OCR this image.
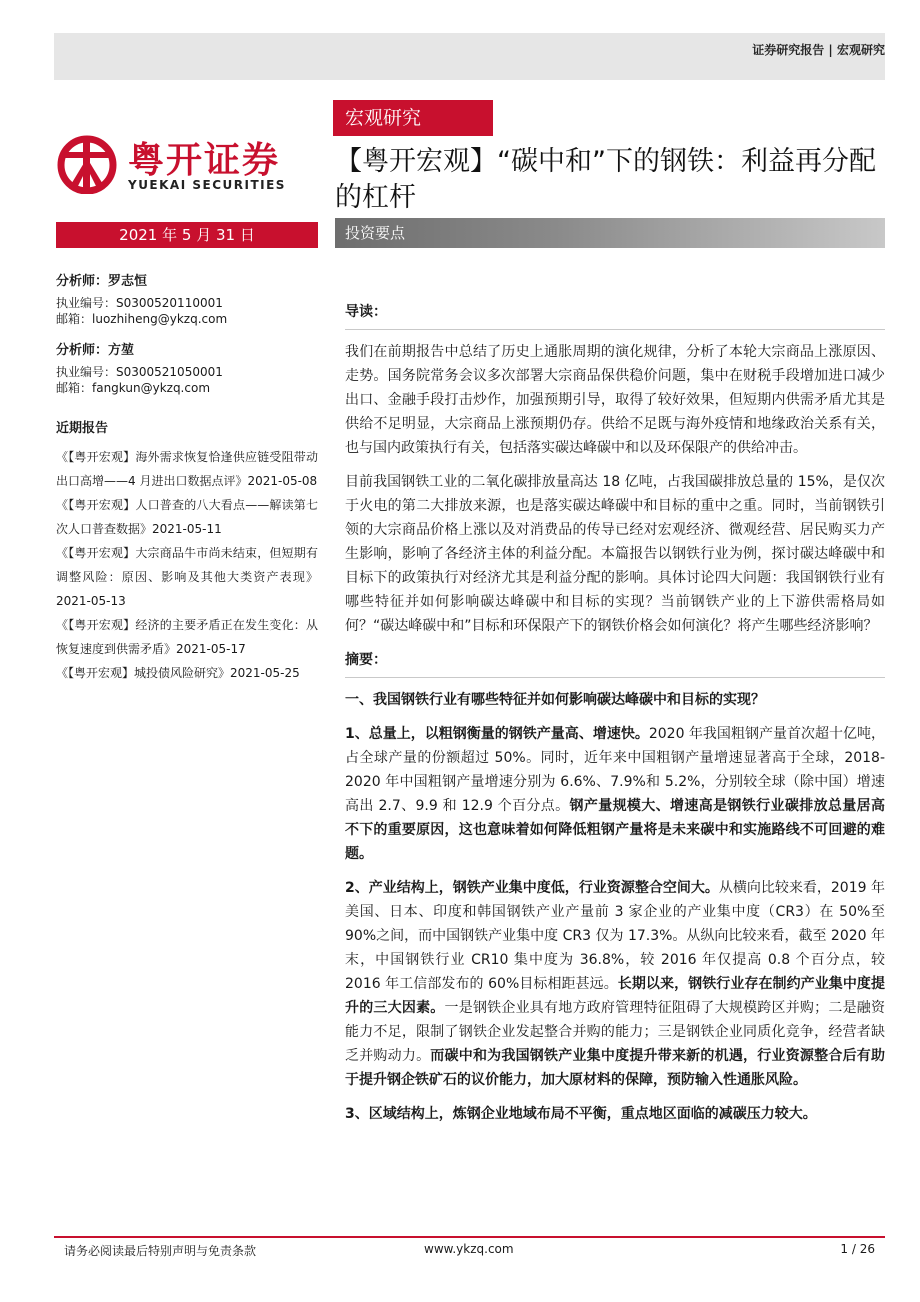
证券研究报告 | 宏观研究
粤开证券
YUEKAI SECURITIES
宏观研究
【粤开宏观】“碳中和”下的钢铁：利益再分配的杠杆
2021 年 5 月 31 日	投资要点
分析师：罗志恒
执业编号：S0300520110001
邮箱：luozhiheng@ykzq.com
分析师：方堃
执业编号：S0300521050001
邮箱：fangkun@ykzq.com
近期报告
《【粤开宏观】海外需求恢复恰逢供应链受阻带动出口高增——4 月进出口数据点评》2021-05-08
《【粤开宏观】人口普查的八大看点——解读第七次人口普查数据》2021-05-11
《【粤开宏观】大宗商品牛市尚未结束，但短期有调整风险：原因、影响及其他大类资产表现》2021-05-13
《【粤开宏观】经济的主要矛盾正在发生变化：从恢复速度到供需矛盾》2021-05-17
《【粤开宏观】城投债风险研究》2021-05-25
导读：

我们在前期报告中总结了历史上通胀周期的演化规律，分析了本轮大宗商品上涨原因、走势。国务院常务会议多次部署大宗商品保供稳价问题，集中在财税手段增加进口减少出口、金融手段打击炒作，加强预期引导，取得了较好效果，但短期内供需矛盾尤其是供给不足明显，大宗商品上涨预期仍存。供给不足既与海外疫情和地缘政治关系有关，也与国内政策执行有关，包括落实碳达峰碳中和以及环保限产的供给冲击。

目前我国钢铁工业的二氧化碳排放量高达 18 亿吨，占我国碳排放总量的 15%，是仅次于火电的第二大排放来源，也是落实碳达峰碳中和目标的重中之重。同时，当前钢铁引领的大宗商品价格上涨以及对消费品的传导已经对宏观经济、微观经营、居民购买力产生影响，影响了各经济主体的利益分配。本篇报告以钢铁行业为例，探讨碳达峰碳中和目标下的政策执行对经济尤其是利益分配的影响。具体讨论四大问题：我国钢铁行业有哪些特征并如何影响碳达峰碳中和目标的实现？当前钢铁产业的上下游供需格局如何？“碳达峰碳中和”目标和环保限产下的钢铁价格会如何演化？将产生哪些经济影响？

摘要：
一、我国钢铁行业有哪些特征并如何影响碳达峰碳中和目标的实现？

1、总量上，以粗钢衡量的钢铁产量高、增速快。2020 年我国粗钢产量首次超十亿吨，占全球产量的份额超过 50%。同时，近年来中国粗钢产量增速显著高于全球，2018-2020 年中国粗钢产量增速分别为 6.6%、7.9%和 5.2%，分别较全球（除中国）增速高出 2.7、9.9 和 12.9 个百分点。钢产量规模大、增速高是钢铁行业碳排放总量居高不下的重要原因，这也意味着如何降低粗钢产量将是未来碳中和实施路线不可回避的难题。

2、产业结构上，钢铁产业集中度低，行业资源整合空间大。从横向比较来看，2019 年美国、日本、印度和韩国钢铁产业产量前 3 家企业的产业集中度（CR3）在 50%至 90%之间，而中国钢铁产业集中度 CR3 仅为 17.3%。从纵向比较来看，截至 2020 年末，中国钢铁行业 CR10 集中度为 36.8%，较 2016 年仅提高 0.8 个百分点，较 2016 年工信部发布的 60%目标相距甚远。长期以来，钢铁行业存在制约产业集中度提升的三大因素。一是钢铁企业具有地方政府管理特征阻碍了大规模跨区并购；二是融资能力不足，限制了钢铁企业发起整合并购的能力；三是钢铁企业同质化竞争，经营者缺乏并购动力。而碳中和为我国钢铁产业集中度提升带来新的机遇，行业资源整合后有助于提升钢企铁矿石的议价能力，加大原材料的保障，预防输入性通胀风险。

3、区域结构上，炼钢企业地域布局不平衡，重点地区面临的减碳压力较大。

请务必阅读最后特别声明与免责条款	www.ykzq.com	1 / 26
